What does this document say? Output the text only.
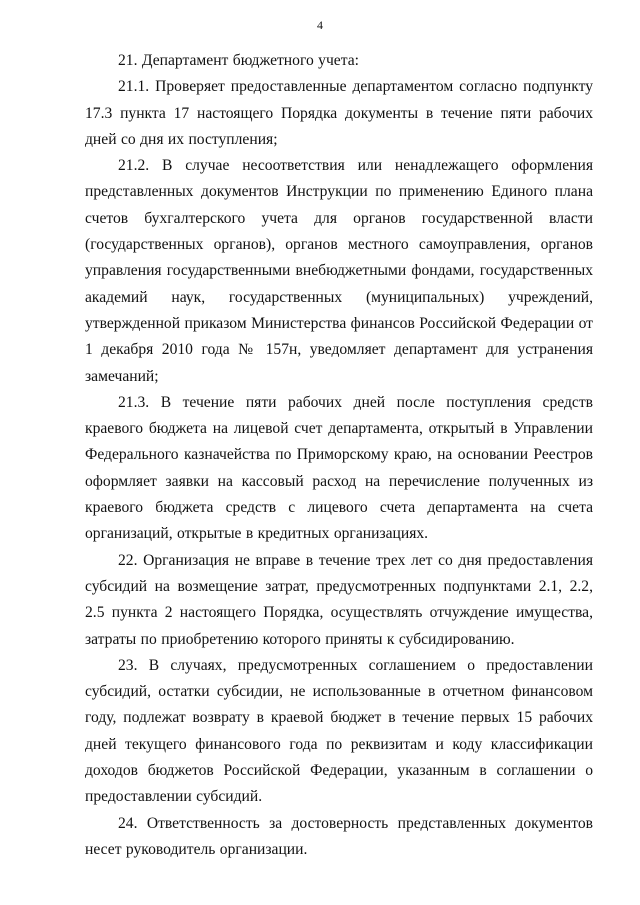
4

21. Департамент бюджетного учета:

21.1. Проверяет предоставленные департаментом согласно подпункту 17.3 пункта 17 настоящего Порядка документы в течение пяти рабочих дней со дня их поступления;

21.2. В случае несоответствия или ненадлежащего оформления представленных документов Инструкции по применению Единого плана счетов бухгалтерского учета для органов государственной власти (государственных органов), органов местного самоуправления, органов управления государственными внебюджетными фондами, государственных академий наук, государственных (муниципальных) учреждений, утвержденной приказом Министерства финансов Российской Федерации от 1 декабря 2010 года № 157н, уведомляет департамент для устранения замечаний;

21.3. В течение пяти рабочих дней после поступления средств краевого бюджета на лицевой счет департамента, открытый в Управлении Федерального казначейства по Приморскому краю, на основании Реестров оформляет заявки на кассовый расход на перечисление полученных из краевого бюджета средств с лицевого счета департамента на счета организаций, открытые в кредитных организациях.

22. Организация не вправе в течение трех лет со дня предоставления субсидий на возмещение затрат, предусмотренных подпунктами 2.1, 2.2, 2.5 пункта 2 настоящего Порядка, осуществлять отчуждение имущества, затраты по приобретению которого приняты к субсидированию.

23. В случаях, предусмотренных соглашением о предоставлении субсидий, остатки субсидии, не использованные в отчетном финансовом году, подлежат возврату в краевой бюджет в течение первых 15 рабочих дней текущего финансового года по реквизитам и коду классификации доходов бюджетов Российской Федерации, указанным в соглашении о предоставлении субсидий.

24. Ответственность за достоверность представленных документов несет руководитель организации.
